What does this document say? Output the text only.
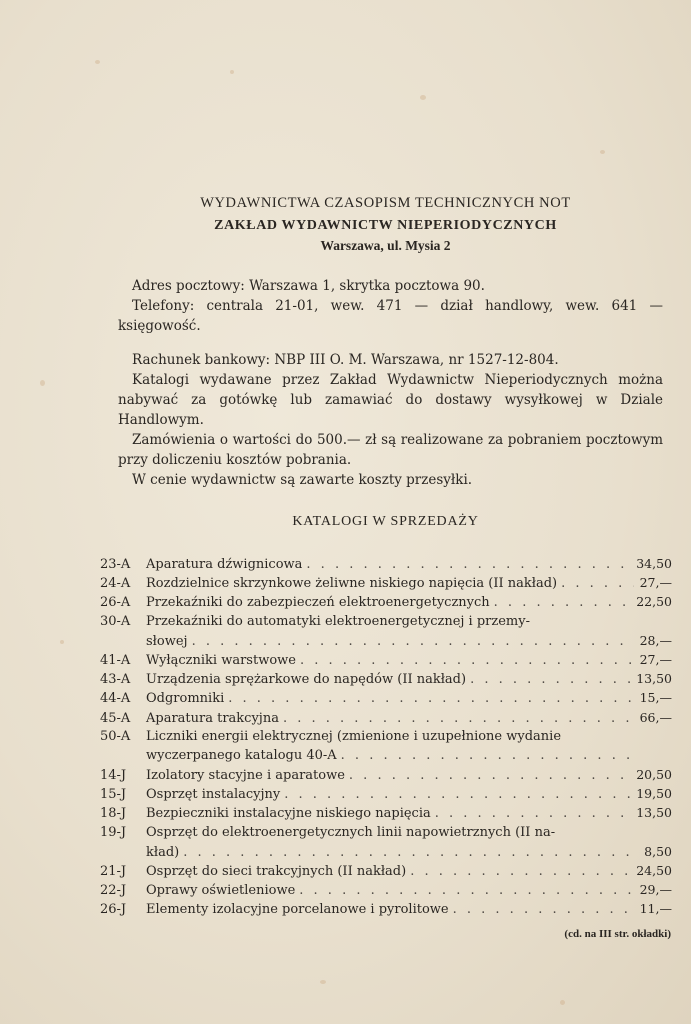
WYDAWNICTWA CZASOPISM TECHNICZNYCH NOT
ZAKŁAD WYDAWNICTW NIEPERIODYCZNYCH
Warszawa, ul. Mysia 2

Adres pocztowy: Warszawa 1, skrytka pocztowa 90.

Telefony: centrala 21-01, wew. 471 — dział handlowy, wew. 641 — księgowość.

Rachunek bankowy: NBP III O. M. Warszawa, nr 1527-12-804.

Katalogi wydawane przez Zakład Wydawnictw Nieperiodycznych można nabywać za gotówkę lub zamawiać do dostawy wysyłkowej w Dziale Handlowym.

Zamówienia o wartości do 500.— zł są realizowane za pobraniem pocztowym przy doliczeniu kosztów pobrania.

W cenie wydawnictw są zawarte koszty przesyłki.

KATALOGI W SPRZEDAŻY
23-A	Aparatura dźwignicowa . . .	34,50
24-A	Rozdzielnice skrzynkowe żeliwne niskiego napięcia (II nakład) . . .	27,—
26-A	Przekaźniki do zabezpieczeń elektroenergetycznych . . .	22,50
30-A	Przekaźniki do automatyki elektroenergetycznej i przemy-
słowej . . .	28,—
41-A	Wyłączniki warstwowe . . .	27,—
43-A	Urządzenia sprężarkowe do napędów (II nakład) . . .	13,50
44-A	Odgromniki . . .	15,—
45-A	Aparatura trakcyjna . . .	66,—
50-A	Liczniki energii elektrycznej (zmienione i uzupełnione wydanie
wyczerpanego katalogu 40-A
. . .
14-J	Izolatory stacyjne i aparatowe . . .	20,50
15-J	Osprzęt instalacyjny . . .	19,50
18-J	Bezpieczniki instalacyjne niskiego napięcia . . .	13,50
19-J	Osprzęt do elektroenergetycznych linii napowietrznych (II na-
kład) . . .	8,50
21-J	Osprzęt do sieci trakcyjnych (II nakład) . . .	24,50
22-J	Oprawy oświetleniowe . . .	29,—
26-J	Elementy izolacyjne porcelanowe i pyrolitowe . . .	11,—
(cd. na III str. okładki)
